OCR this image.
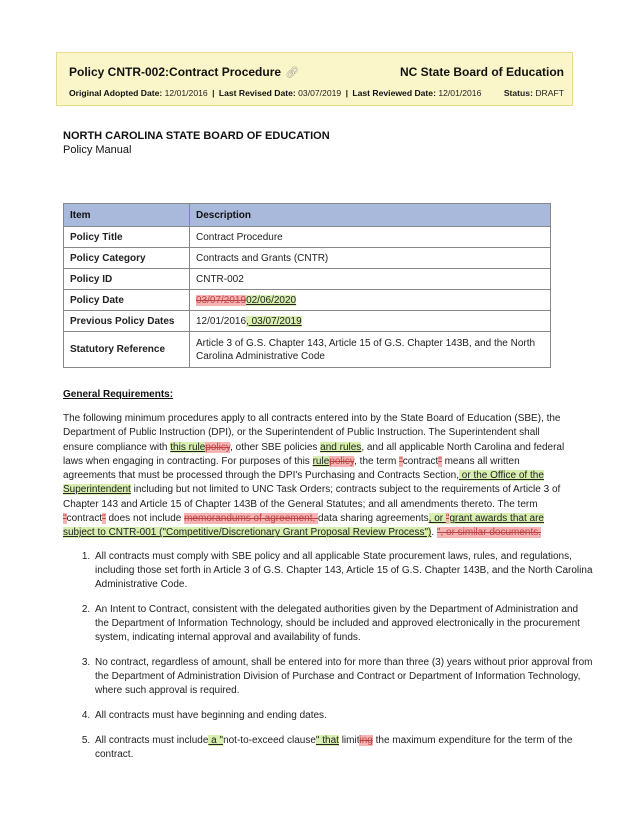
Policy CNTR-002:Contract Procedure 🔗︎	NC State Board of Education
Original Adopted Date: 12/01/2016 | Last Revised Date: 03/07/2019 | Last Reviewed Date: 12/01/2016	Status: DRAFT
NORTH CAROLINA STATE BOARD OF EDUCATION
Policy Manual
Item	Description
Policy Title	Contract Procedure
Policy Category	Contracts and Grants (CNTR)
Policy ID	CNTR-002
Policy Date	03/07/201902/06/2020
Previous Policy Dates	12/01/2016, 03/07/2019
Statutory Reference	Article 3 of G.S. Chapter 143, Article 15 of G.S. Chapter 143B, and the North Carolina Administrative Code
General Requirements:
The following minimum procedures apply to all contracts entered into by the State Board of Education (SBE), the Department of Public Instruction (DPI), or the Superintendent of Public Instruction. The Superintendent shall ensure compliance with this rulepolicy, other SBE policies and rules, and all applicable North Carolina and federal laws when engaging in contracting. For purposes of this rulepolicy, the term "contract" means all written agreements that must be processed through the DPI's Purchasing and Contracts Section, or the Office of the Superintendent including but not limited to UNC Task Orders; contracts subject to the requirements of Article 3 of Chapter 143 and Article 15 of Chapter 143B of the General Statutes; and all amendments thereto. The term "contract" does not include memorandums of agreement, data sharing agreements, or "grant awards that are subject to CNTR-001 ("Competitive/Discretionary Grant Proposal Review Process"). ", or similar documents.
1. All contracts must comply with SBE policy and all applicable State procurement laws, rules, and regulations, including those set forth in Article 3 of G.S. Chapter 143, Article 15 of G.S. Chapter 143B, and the North Carolina Administrative Code.
2. An Intent to Contract, consistent with the delegated authorities given by the Department of Administration and the Department of Information Technology, should be included and approved electronically in the procurement system, indicating internal approval and availability of funds.
3. No contract, regardless of amount, shall be entered into for more than three (3) years without prior approval from the Department of Administration Division of Purchase and Contract or Department of Information Technology, where such approval is required.
4. All contracts must have beginning and ending dates.
5. All contracts must include a "not-to-exceed clause" that limiting the maximum expenditure for the term of the contract.
